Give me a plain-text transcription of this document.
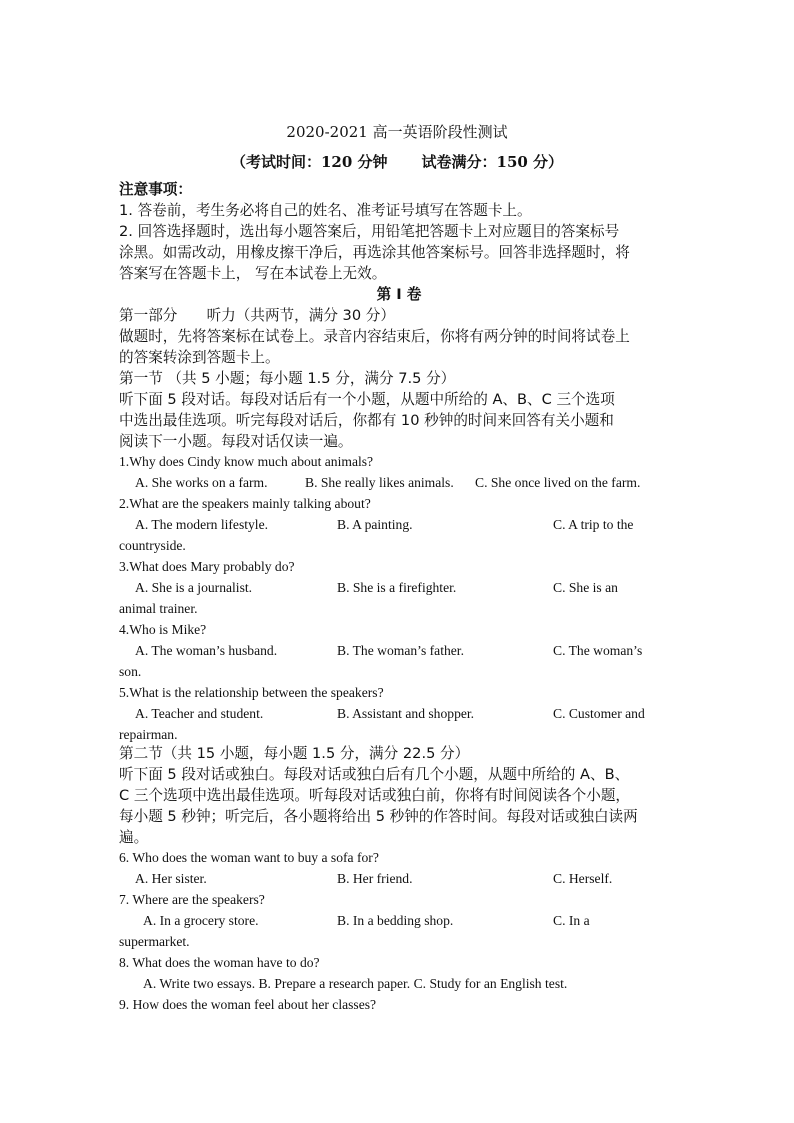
2020-2021 高一英语阶段性测试
（考试时间：120 分钟 试卷满分：150 分）
注意事项：
1. 答卷前，考生务必将自己的姓名、准考证号填写在答题卡上。
2. 回答选择题时，选出每小题答案后，用铅笔把答题卡上对应题目的答案标号
涂黑。如需改动，用橡皮擦干净后，再选涂其他答案标号。回答非选择题时，将
答案写在答题卡上， 写在本试卷上无效。
第 I 卷
第一部分　　听力（共两节，满分 30 分）
做题时，先将答案标在试卷上。录音内容结束后，你将有两分钟的时间将试卷上
的答案转涂到答题卡上。
第一节 （共 5 小题；每小题 1.5 分，满分 7.5 分）
听下面 5 段对话。每段对话后有一个小题，从题中所给的 A、B、C 三个选项
中选出最佳选项。听完每段对话后，你都有 10 秒钟的时间来回答有关小题和
阅读下一小题。每段对话仅读一遍。
1.Why does Cindy know much about animals?
A. She works on a farm.	B. She really likes animals. C. She once lived on the farm.
2.What are the speakers mainly talking about?
A. The modern lifestyle.	B. A painting.	C. A trip to the
countryside.
3.What does Mary probably do?
A. She is a journalist.	B. She is a firefighter.	C. She is an
animal trainer.
4.Who is Mike?
A. The woman’s husband.	B. The woman’s father.	C. The woman’s
son.
5.What is the relationship between the speakers?
A. Teacher and student.	B. Assistant and shopper.	C. Customer and
repairman.
第二节（共 15 小题，每小题 1.5 分，满分 22.5 分）
听下面 5 段对话或独白。每段对话或独白后有几个小题，从题中所给的 A、B、
C 三个选项中选出最佳选项。听每段对话或独白前，你将有时间阅读各个小题，
每小题 5 秒钟；听完后，各小题将给出 5 秒钟的作答时间。每段对话或独白读两
遍。
6. Who does the woman want to buy a sofa for?
A. Her sister.	B. Her friend.	C. Herself.
7. Where are the speakers?
A. In a grocery store.	B. In a bedding shop.	C. In a
supermarket.
8. What does the woman have to do?
A. Write two essays. B. Prepare a research paper. C. Study for an English test.
9. How does the woman feel about her classes?
